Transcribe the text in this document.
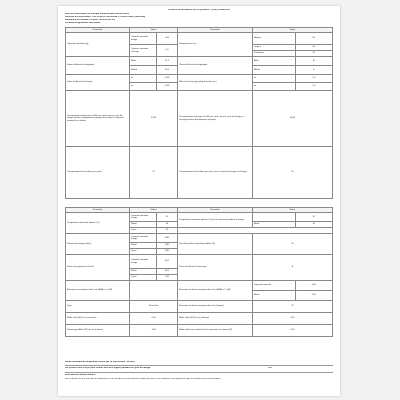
Fiche d'information sur le produit - (UE) 2019/2014
Nom du fournisseur ou marque commerciale: WHIRLPOOL
Adresse du fournisseur: VIA CARLO PISACANE 1, 20016 PERO (MILANO)
Référence du modèle: FFWDD 1076258 BV FR
Paramètres généraux du produit
Paramètre	Valeur		Paramètre	Valeur	
Capacité nominale (kg)	Capacité nominale lavage	10,0	Dimensions en cm	Hauteur	85
	Capacité nominale séchage	6,0		Largeur	60
				Profondeur	61
Indice d'efficacité énergétique	EEIw	51,9	Classe d'efficacité énergétique	EEIw	A
	EEIwd	55,0		EEIwd	E
Indice d'efficacité de lavage	Iw	1,031	Efficacité du rinçage (g/kg de textile sec)	Iw	5,0
	Iw	1,031		Iw	5,0
Consommation d'énergie en kWh par cycle, pour le cycle de lavage du bien d'équipement ménager pour lequel la capacité nominale est utilisée	0,513		Consommation d'énergie en kWh par cycle, pour le cycle de lavage et séchage du bien d'équipement ménager	3,600	
Consommation d'eau (litres par cycle)	52		Consommation d'eau (litres par cycle, pour le cycle de lavage et séchage)	95	
Paramètre	Valeur		Paramètre	Valeur	
Température maximale atteinte (°C)	Capacité nominale lavage	41	Température maximale atteinte (°C) par le vêtement pendant le lavage		35
	Moitié	34		Moitié	34
	Quart	25			
Vitesse d'essorage (t/min)	Capacité nominale lavage	1351	Taux d'humidité résiduelle pondéré (%)	53	
	Moitié	1351			
	Quart	1351			
Durée du programme (h:min)	Capacité nominale lavage	4:00	Classe d'efficacité d'essorage	B	
	Moitié	3:00			
	Quart	2:30			
Émissions acoustiques dans l'air (dB(A) re 1 pW)			Émissions de bruit acoustique dans l'air (dB(A) re 1 pW)	Capacité nominale	9,90
				Moitié	9,90
Type	Pose libre		Émissions de bruit acoustique dans l'air (lavage)	76	
Mode arrêt (W) (le cas échéant)	0,50		Mode veille (W) (le cas échéant)	0,50	
Démarrage différé (W) (le cas échéant)	4,00		Mode veille avec maintien de la connexion au réseau (W)	2,00	
Durée minimale de la garantie offerte par le fournisseur: 24mois
Ce produit a été conçu pour libérer des ions argent pendant le cycle de lavage	Non
Informations additionnelles:
Lien Internet vers le site web du fabricant où se trouvent les informations visées au point 9 de l'annexe II du règlement (UE) 2019/2023 de la Commission
